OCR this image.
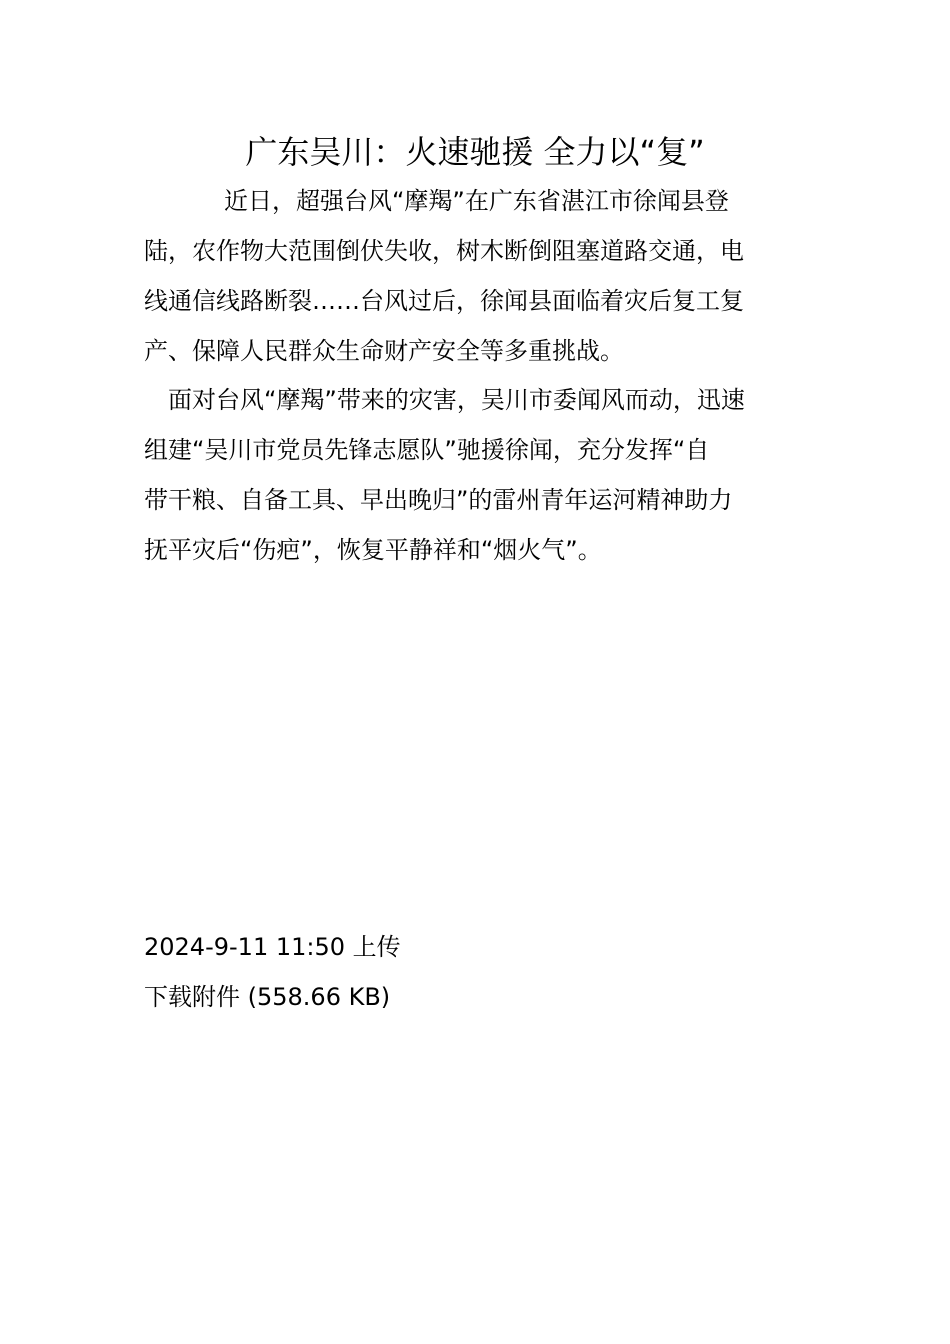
广东吴川：火速驰援 全力以“复”
近日，超强台风“摩羯”在广东省湛江市徐闻县登
陆，农作物大范围倒伏失收，树木断倒阻塞道路交通，电
线通信线路断裂……台风过后，徐闻县面临着灾后复工复
产、保障人民群众生命财产安全等多重挑战。
面对台风“摩羯”带来的灾害，吴川市委闻风而动，迅速
组建“吴川市党员先锋志愿队”驰援徐闻，充分发挥“自
带干粮、自备工具、早出晚归”的雷州青年运河精神助力
抚平灾后“伤疤”，恢复平静祥和“烟火气”。
2024-9-11 11:50 上传
下载附件 (558.66 KB)
